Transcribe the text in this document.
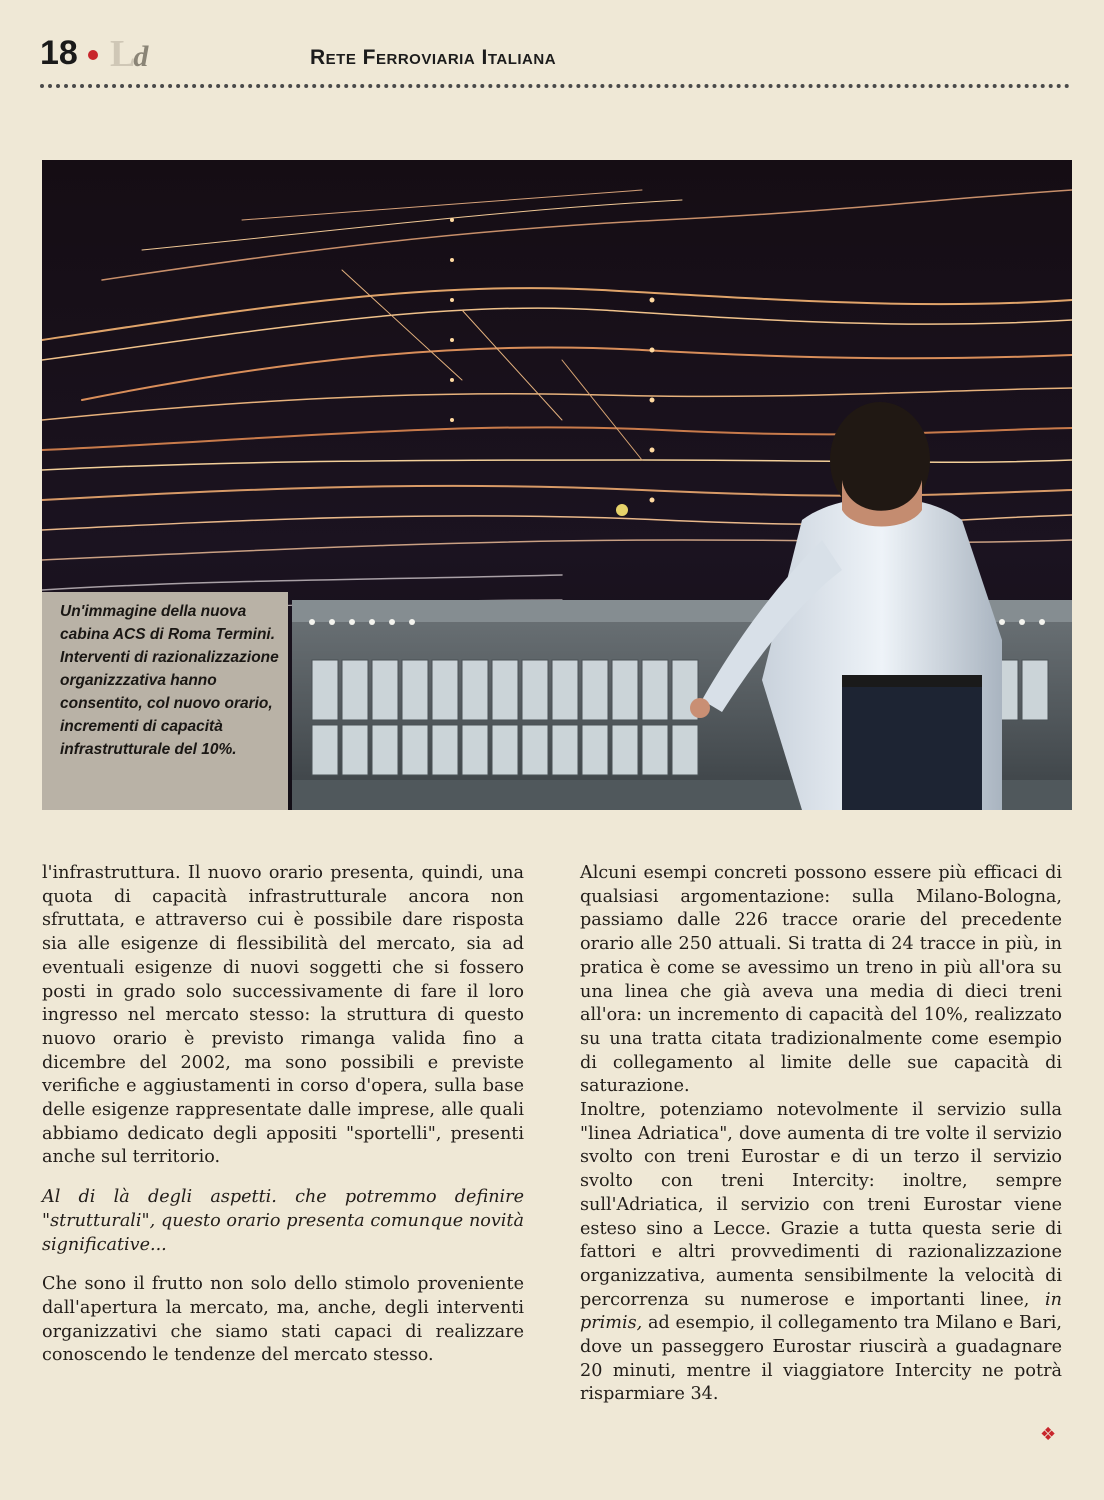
18 Ld	Rete Ferroviaria Italiana

Un'immagine della nuova cabina ACS di Roma Termini. Interventi di razionalizzazione organizzzativa hanno consentito, col nuovo orario, incrementi di capacità infrastrutturale del 10%.

l'infrastruttura. Il nuovo orario presenta, quindi, una quota di capacità infrastrutturale ancora non sfruttata, e attraverso cui è possibile dare risposta sia alle esigenze di flessibilità del mercato, sia ad eventuali esigenze di nuovi soggetti che si fossero posti in grado solo successivamente di fare il loro ingresso nel mercato stesso: la struttura di questo nuovo orario è previsto rimanga valida fino a dicembre del 2002, ma sono possibili e previste verifiche e aggiustamenti in corso d'opera, sulla base delle esigenze rappresentate dalle imprese, alle quali abbiamo dedicato degli appositi "sportelli", presenti anche sul territorio.

Al di là degli aspetti. che potremmo definire "strutturali", questo orario presenta comunque novità significative...

Che sono il frutto non solo dello stimolo proveniente dall'apertura la mercato, ma, anche, degli interventi organizzativi che siamo stati capaci di realizzare conoscendo le tendenze del mercato stesso.

Alcuni esempi concreti possono essere più efficaci di qualsiasi argomentazione: sulla Milano-Bologna, passiamo dalle 226 tracce orarie del precedente orario alle 250 attuali. Si tratta di 24 tracce in più, in pratica è come se avessimo un treno in più all'ora su una linea che già aveva una media di dieci treni all'ora: un incremento di capacità del 10%, realizzato su una tratta citata tradizionalmente come esempio di collegamento al limite delle sue capacità di saturazione.

Inoltre, potenziamo notevolmente il servizio sulla "linea Adriatica", dove aumenta di tre volte il servizio svolto con treni Eurostar e di un terzo il servizio svolto con treni Intercity: inoltre, sempre sull'Adriatica, il servizio con treni Eurostar viene esteso sino a Lecce. Grazie a tutta questa serie di fattori e altri provvedimenti di razionalizzazione organizzativa, aumenta sensibilmente la velocità di percorrenza su numerose e importanti linee, in primis, ad esempio, il collegamento tra Milano e Bari, dove un passeggero Eurostar riuscirà a guadagnare 20 minuti, mentre il viaggiatore Intercity ne potrà risparmiare 34.

❖
